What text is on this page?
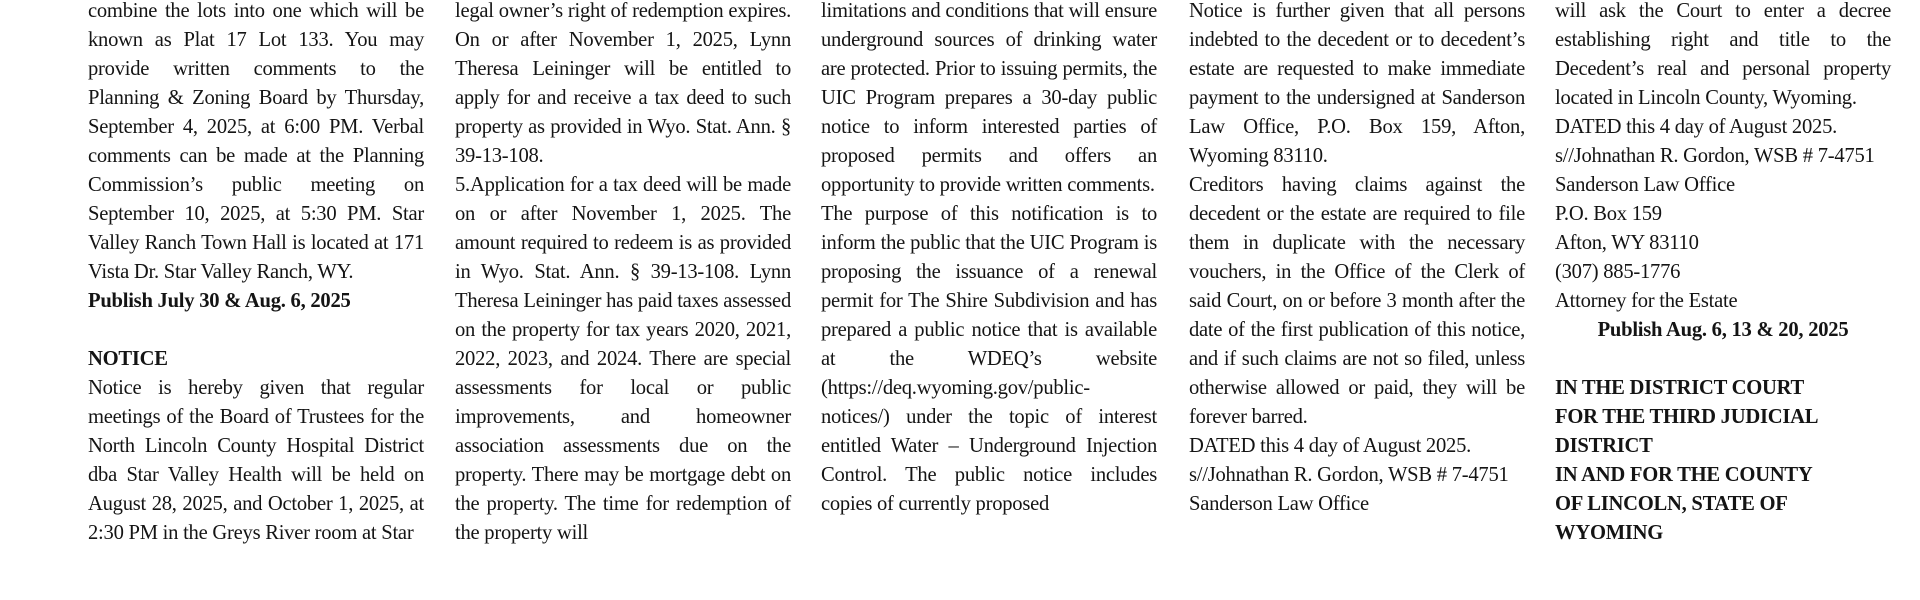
combine the lots into one which will be known as Plat 17 Lot 133. You may provide written comments to the Planning & Zoning Board by Thursday, September 4, 2025, at 6:00 PM. Verbal comments can be made at the Planning Commission’s public meeting on September 10, 2025, at 5:30 PM. Star Valley Ranch Town Hall is located at 171 Vista Dr. Star Valley Ranch, WY.

Publish July 30 & Aug. 6, 2025

NOTICE

Notice is hereby given that regular meetings of the Board of Trustees for the North Lincoln County Hospital District dba Star Valley Health will be held on August 28, 2025, and October 1, 2025, at 2:30 PM in the Greys River room at Star

legal owner’s right of redemption expires. On or after November 1, 2025, Lynn Theresa Leininger will be entitled to apply for and receive a tax deed to such property as provided in Wyo. Stat. Ann. § 39-13-108.

5.Application for a tax deed will be made on or after November 1, 2025. The amount required to redeem is as provided in Wyo. Stat. Ann. § 39-13-108. Lynn Theresa Leininger has paid taxes assessed on the property for tax years 2020, 2021, 2022, 2023, and 2024. There are special assessments for local or public improvements, and homeowner association assessments due on the property. There may be mortgage debt on the property. The time for redemption of the property will

limitations and conditions that will ensure underground sources of drinking water are protected. Prior to issuing permits, the UIC Program prepares a 30-day public notice to inform interested parties of proposed permits and offers an opportunity to provide written comments.

The purpose of this notification is to inform the public that the UIC Program is proposing the issuance of a renewal permit for The Shire Subdivision and has prepared a public notice that is available at the WDEQ’s website (https://deq.wyoming.gov/public-notices/) under the topic of interest entitled Water – Underground Injection Control. The public notice includes copies of currently proposed

Notice is further given that all persons indebted to the decedent or to decedent’s estate are requested to make immediate payment to the undersigned at Sanderson Law Office, P.O. Box 159, Afton, Wyoming 83110.

Creditors having claims against the decedent or the estate are required to file them in duplicate with the necessary vouchers, in the Office of the Clerk of said Court, on or before 3 month after the date of the first publication of this notice, and if such claims are not so filed, unless otherwise allowed or paid, they will be forever barred.

DATED this 4 day of August 2025.

s//Johnathan R. Gordon, WSB # 7-4751

Sanderson Law Office

will ask the Court to enter a decree establishing right and title to the Decedent’s real and personal property located in Lincoln County, Wyoming.

DATED this 4 day of August 2025.

s//Johnathan R. Gordon, WSB # 7-4751

Sanderson Law Office

P.O. Box 159

Afton, WY 83110

(307) 885-1776

Attorney for the Estate

Publish Aug. 6, 13 & 20, 2025

IN THE DISTRICT COURT

FOR THE THIRD JUDICIAL

DISTRICT

IN AND FOR THE COUNTY

OF LINCOLN, STATE OF

WYOMING
